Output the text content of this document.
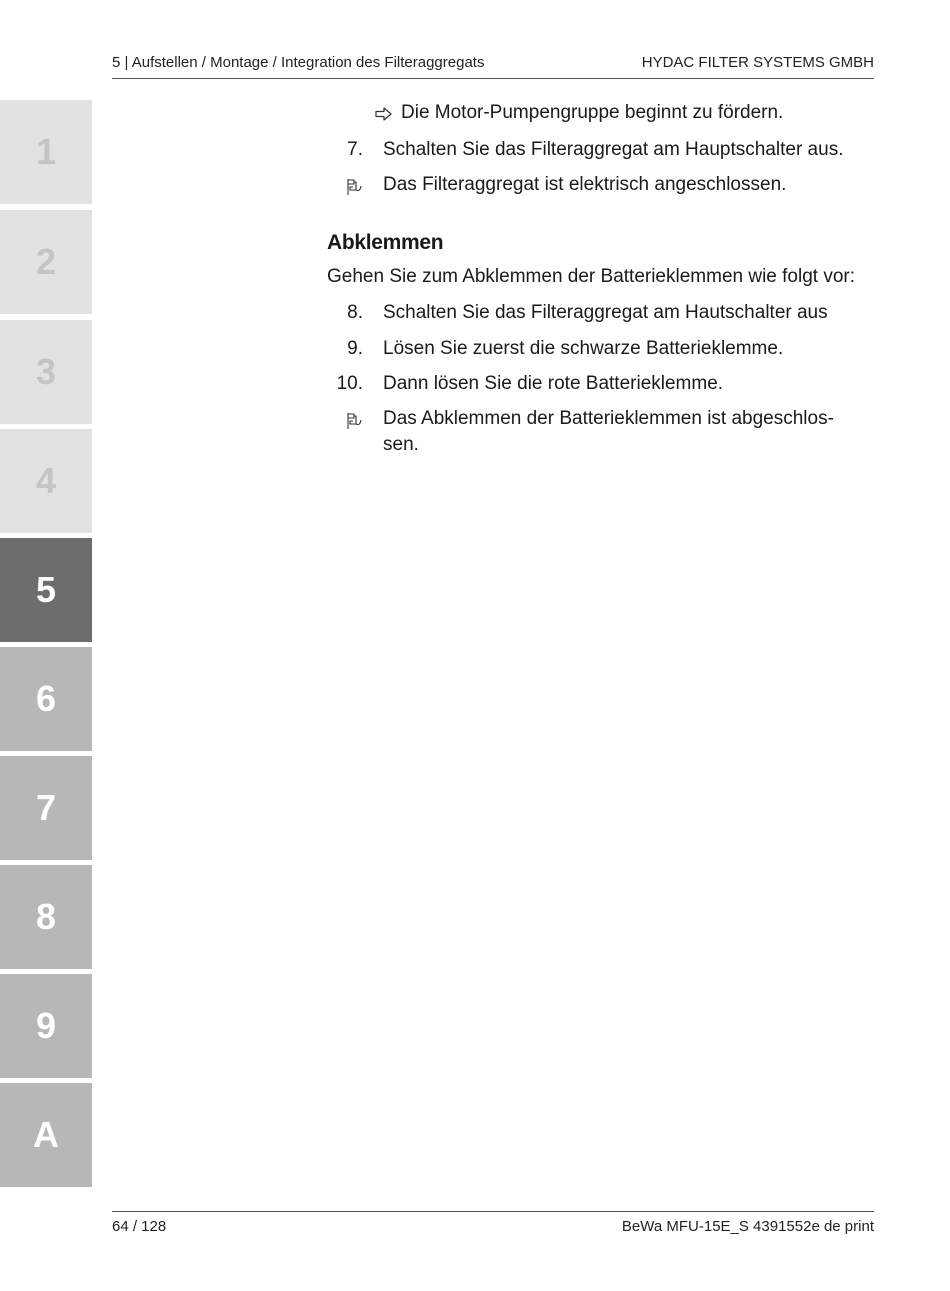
5 | Aufstellen / Montage / Integration des Filteraggregats	HYDAC FILTER SYSTEMS GMBH
1
2
3
4
5
6
7
8
9
A
Die Motor-Pumpengruppe beginnt zu fördern.
7. Schalten Sie das Filteraggregat am Hauptschalter aus.
Das Filteraggregat ist elektrisch angeschlossen.
Abklemmen
Gehen Sie zum Abklemmen der Batterieklemmen wie folgt vor:
8. Schalten Sie das Filteraggregat am Hautschalter aus
9. Lösen Sie zuerst die schwarze Batterieklemme.
10. Dann lösen Sie die rote Batterieklemme.
Das Abklemmen der Batterieklemmen ist abgeschlos-
sen.
64 / 128	BeWa MFU-15E_S 4391552e de print
